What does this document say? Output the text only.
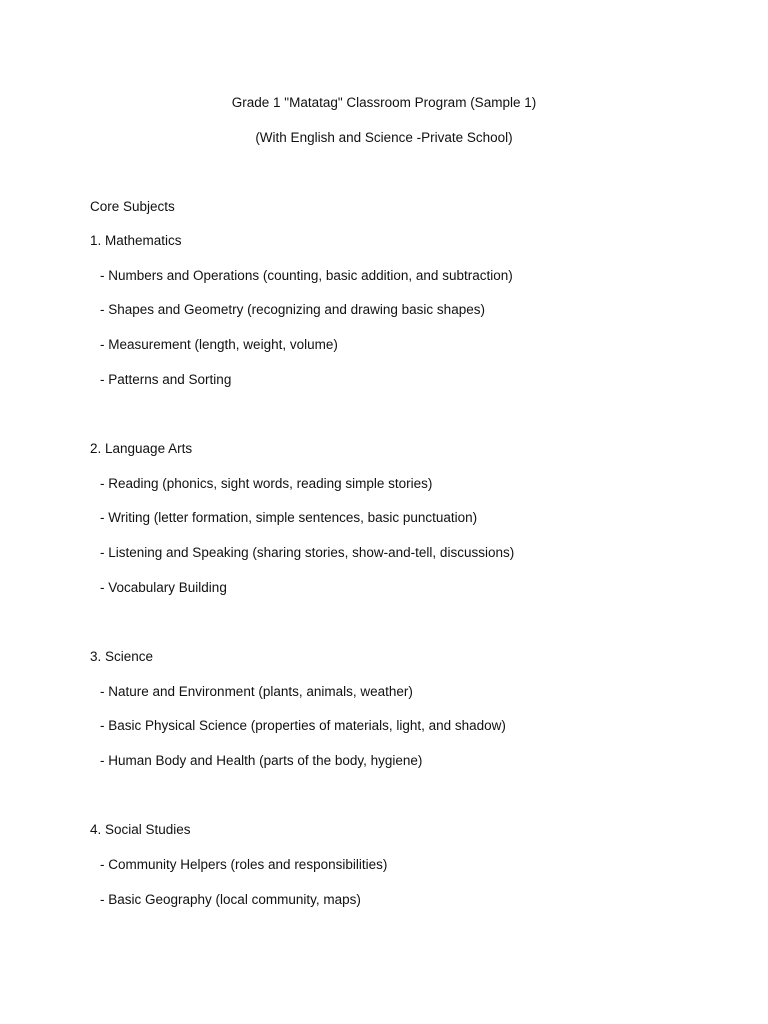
Grade 1 "Matatag" Classroom Program (Sample 1)
(With English and Science -Private School)
Core Subjects
1. Mathematics
- Numbers and Operations (counting, basic addition, and subtraction)
- Shapes and Geometry (recognizing and drawing basic shapes)
- Measurement (length, weight, volume)
- Patterns and Sorting
2. Language Arts
- Reading (phonics, sight words, reading simple stories)
- Writing (letter formation, simple sentences, basic punctuation)
- Listening and Speaking (sharing stories, show-and-tell, discussions)
- Vocabulary Building
3. Science
- Nature and Environment (plants, animals, weather)
- Basic Physical Science (properties of materials, light, and shadow)
- Human Body and Health (parts of the body, hygiene)
4. Social Studies
- Community Helpers (roles and responsibilities)
- Basic Geography (local community, maps)
